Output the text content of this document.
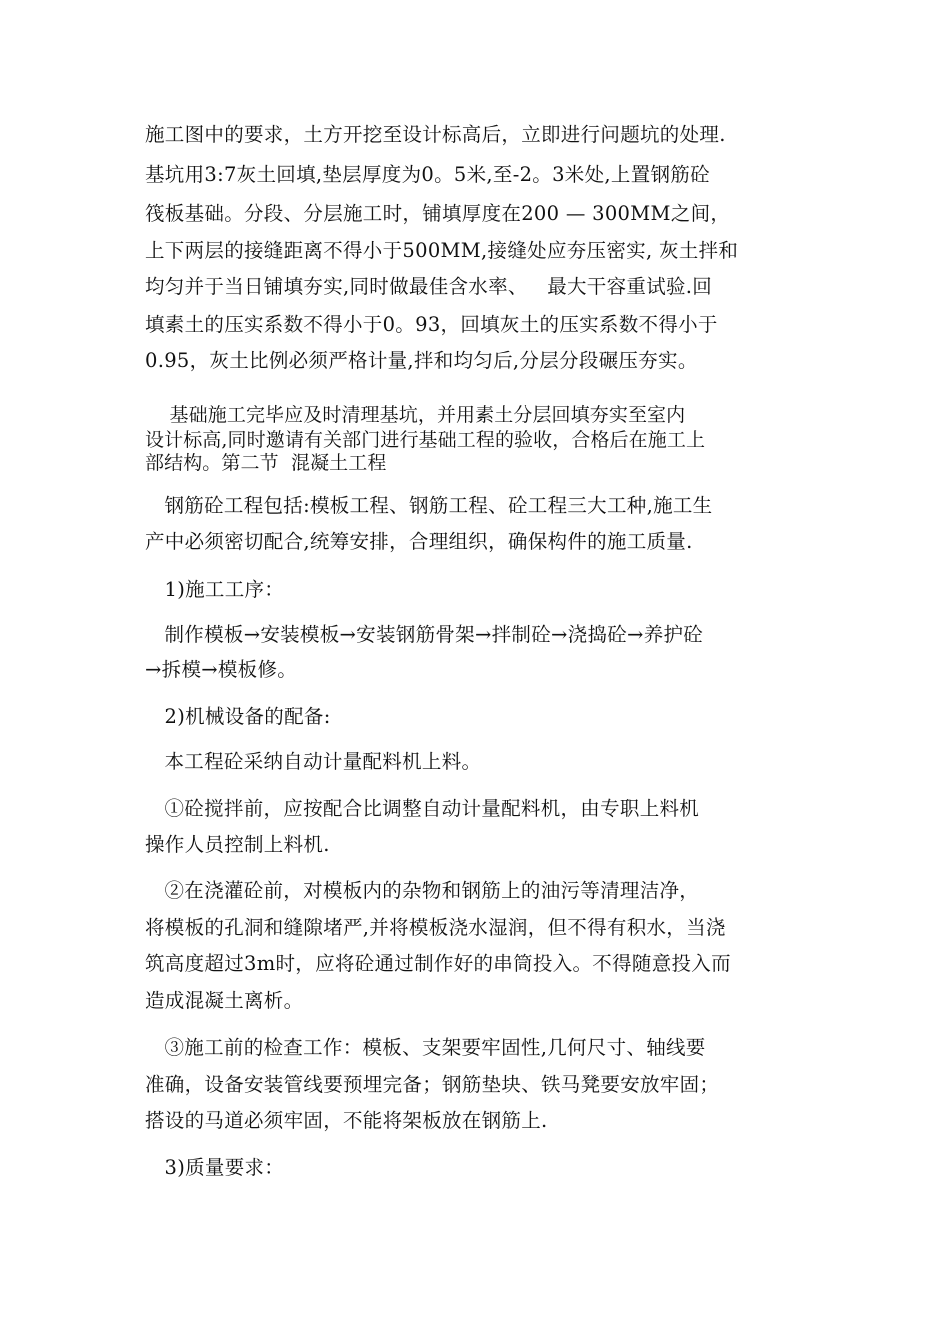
施工图中的要求，土方开挖至设计标高后，立即进行问题坑的处理.
基坑用3:7灰土回填,垫层厚度为0。5米,至-2。3米处,上置钢筋砼
筏板基础。分段、分层施工时，铺填厚度在200 — 300MM之间，
上下两层的接缝距离不得小于500MM,接缝处应夯压密实, 灰土拌和
均匀并于当日铺填夯实,同时做最佳含水率、   最大干容重试验.回
填素土的压实系数不得小于0。93，回填灰土的压实系数不得小于
0.95，灰土比例必须严格计量,拌和均匀后,分层分段碾压夯实。
基础施工完毕应及时清理基坑，并用素土分层回填夯实至室内
设计标高,同时邀请有关部门进行基础工程的验收，合格后在施工上
部结构。第二节  混凝土工程
钢筋砼工程包括:模板工程、钢筋工程、砼工程三大工种,施工生
产中必须密切配合,统筹安排，合理组织，确保构件的施工质量.
1)施工工序：
制作模板→安装模板→安装钢筋骨架→拌制砼→浇捣砼→养护砼
→拆模→模板修。
2)机械设备的配备:
本工程砼采纳自动计量配料机上料。
①砼搅拌前，应按配合比调整自动计量配料机，由专职上料机
操作人员控制上料机.
②在浇灌砼前，对模板内的杂物和钢筋上的油污等清理洁净，
将模板的孔洞和缝隙堵严,并将模板浇水湿润，但不得有积水，当浇
筑高度超过3m时，应将砼通过制作好的串筒投入。不得随意投入而
造成混凝土离析。
③施工前的检查工作：模板、支架要牢固性,几何尺寸、轴线要
准确，设备安装管线要预埋完备；钢筋垫块、铁马凳要安放牢固；
搭设的马道必须牢固，不能将架板放在钢筋上.
3)质量要求：
